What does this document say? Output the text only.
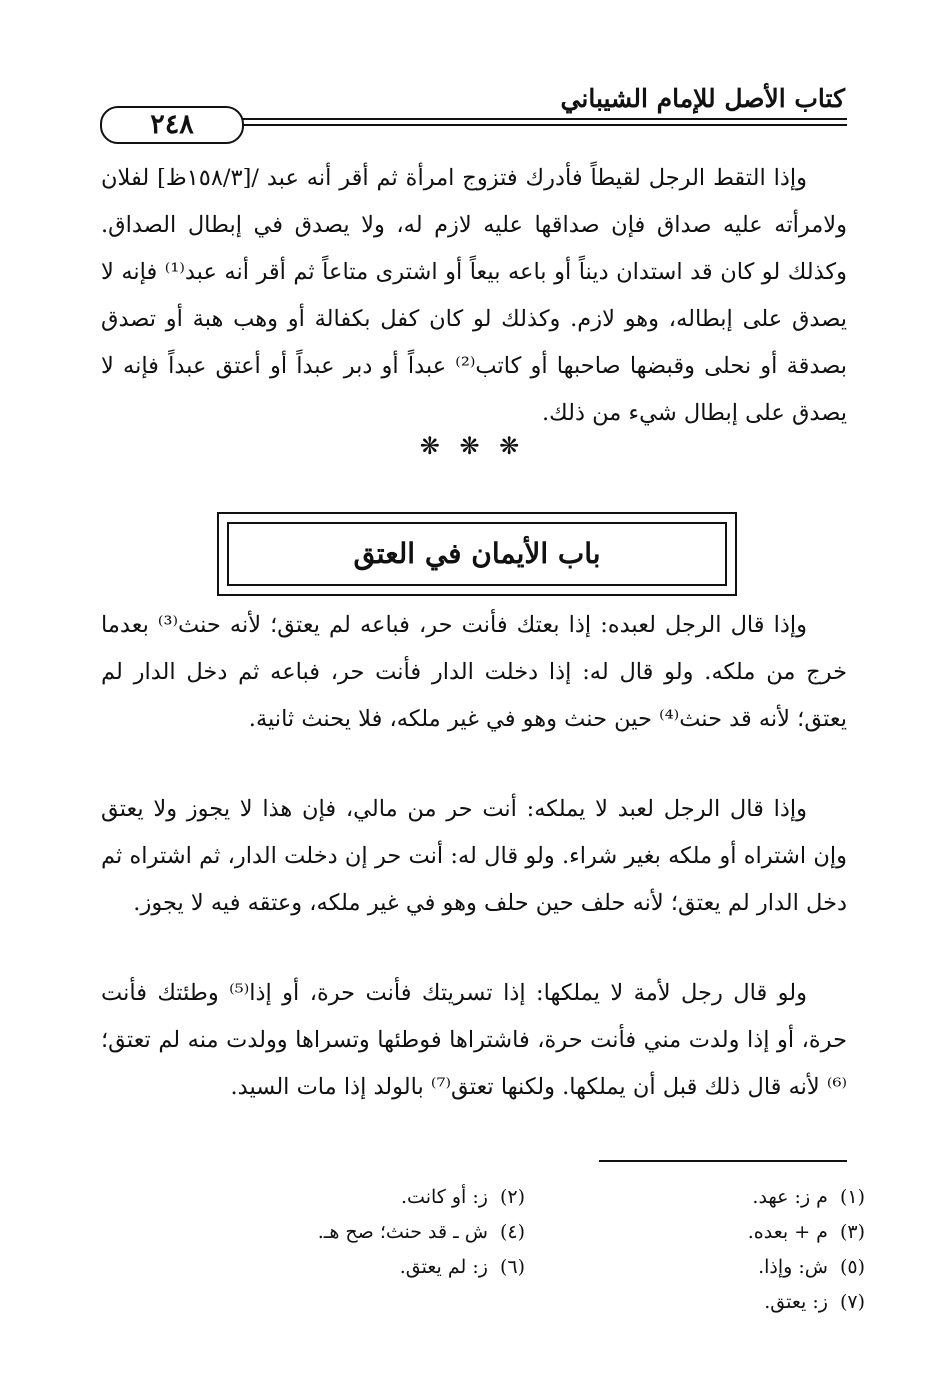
كتاب الأصل للإمام الشيباني
٢٤٨

وإذا التقط الرجل لقيطاً فأدرك فتزوج امرأة ثم أقر أنه عبد /[١٥٨/٣ظ] لفلان ولامرأته عليه صداق فإن صداقها عليه لازم له، ولا يصدق في إبطال الصداق. وكذلك لو كان قد استدان ديناً أو باعه بيعاً أو اشترى متاعاً ثم أقر أنه عبد⁽¹⁾ فإنه لا يصدق على إبطاله، وهو لازم. وكذلك لو كان كفل بكفالة أو وهب هبة أو تصدق بصدقة أو نحلى وقبضها صاحبها أو كاتب⁽²⁾ عبداً أو دبر عبداً أو أعتق عبداً فإنه لا يصدق على إبطال شيء من ذلك.

❋ ❋ ❋
باب الأيمان في العتق

وإذا قال الرجل لعبده: إذا بعتك فأنت حر، فباعه لم يعتق؛ لأنه حنث⁽³⁾ بعدما خرج من ملكه. ولو قال له: إذا دخلت الدار فأنت حر، فباعه ثم دخل الدار لم يعتق؛ لأنه قد حنث⁽⁴⁾ حين حنث وهو في غير ملكه، فلا يحنث ثانية.

وإذا قال الرجل لعبد لا يملكه: أنت حر من مالي، فإن هذا لا يجوز ولا يعتق وإن اشتراه أو ملكه بغير شراء. ولو قال له: أنت حر إن دخلت الدار، ثم اشتراه ثم دخل الدار لم يعتق؛ لأنه حلف حين حلف وهو في غير ملكه، وعتقه فيه لا يجوز.

ولو قال رجل لأمة لا يملكها: إذا تسريتك فأنت حرة، أو إذا⁽⁵⁾ وطئتك فأنت حرة، أو إذا ولدت مني فأنت حرة، فاشتراها فوطئها وتسراها وولدت منه لم تعتق؛⁽⁶⁾ لأنه قال ذلك قبل أن يملكها. ولكنها تعتق⁽⁷⁾ بالولد إذا مات السيد.

(١)م ز: عهد.
(٣)م + بعده.
(٥)ش: وإذا.
(٧)ز: يعتق.
(٢)ز: أو كانت.
(٤)ش ـ قد حنث؛ صح هـ.
(٦)ز: لم يعتق.
